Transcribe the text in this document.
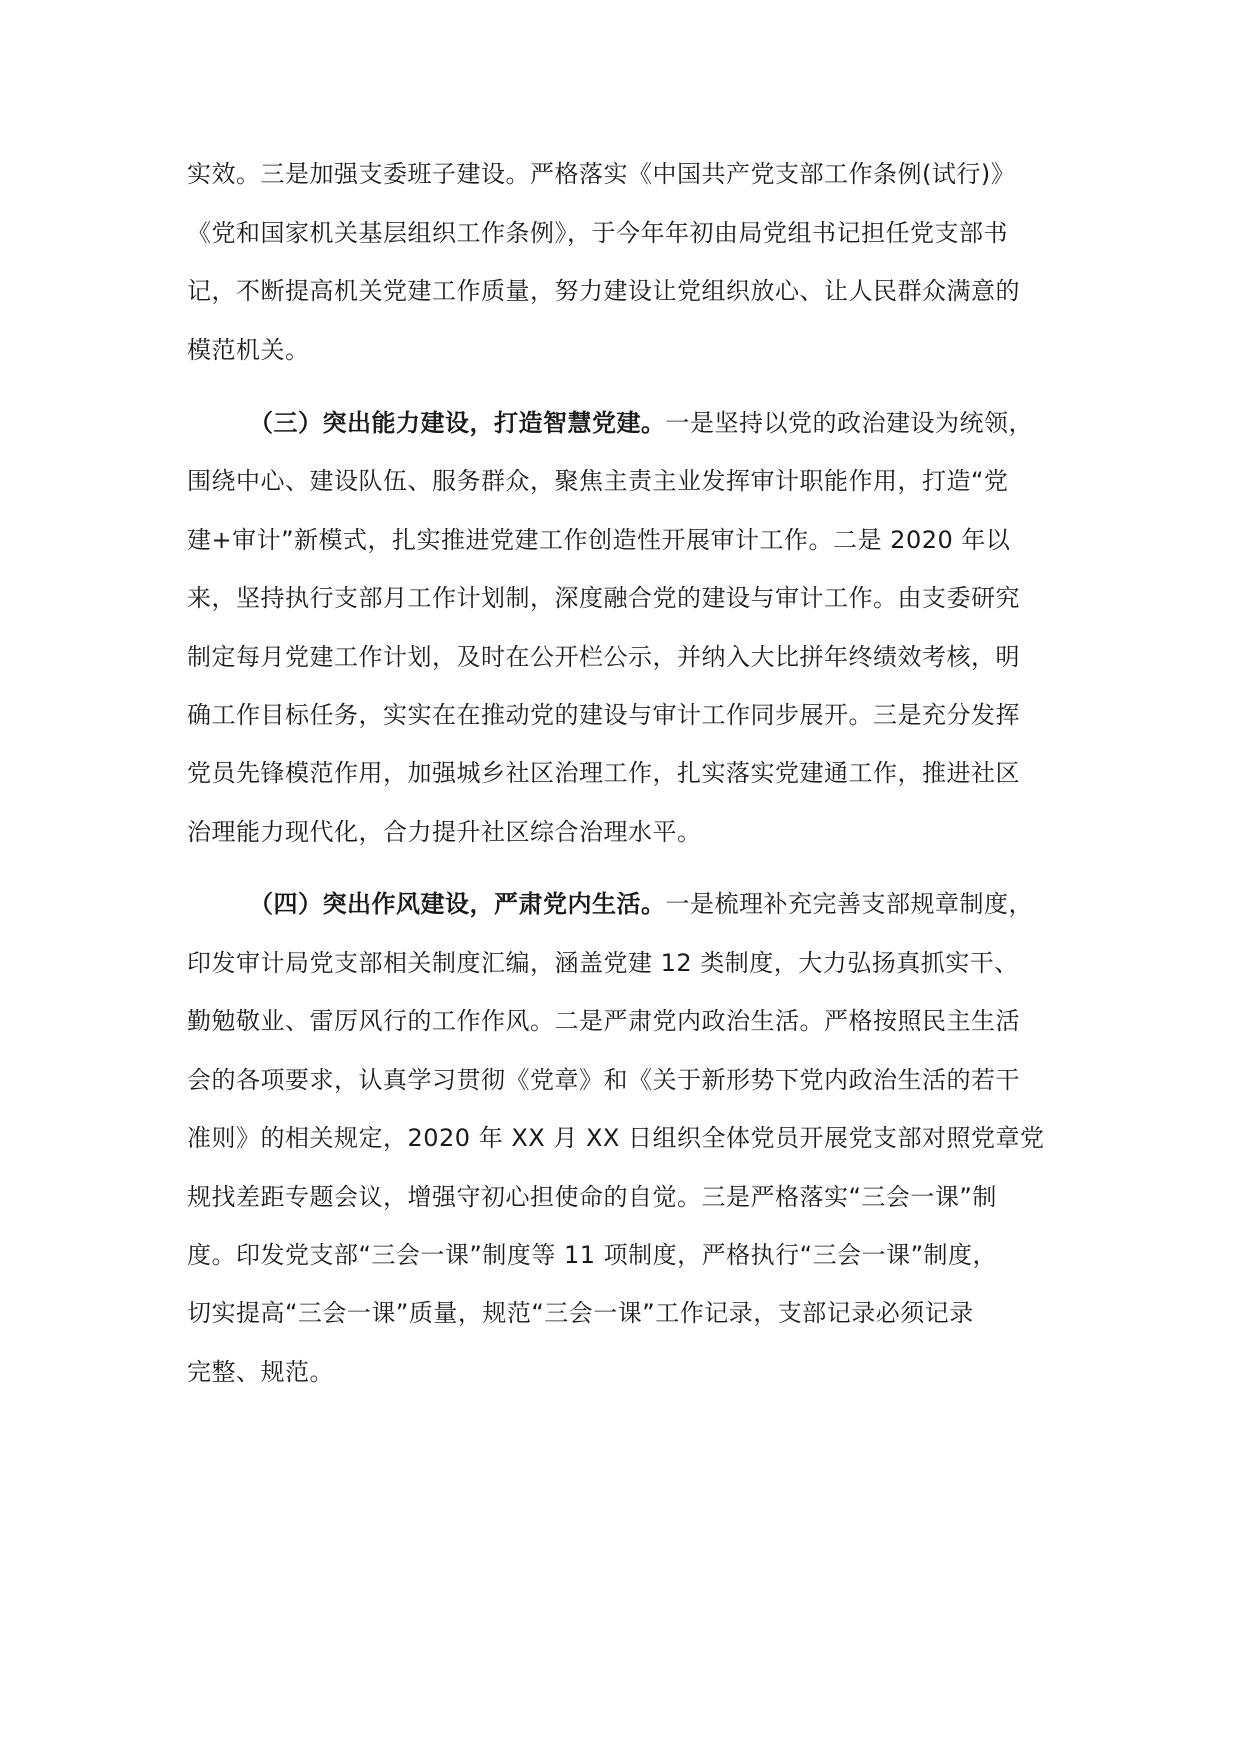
实效。三是加强支委班子建设。严格落实《中国共产党支部工作条例(试行)》
《党和国家机关基层组织工作条例》，于今年年初由局党组书记担任党支部书
记，不断提高机关党建工作质量，努力建设让党组织放心、让人民群众满意的
模范机关。
（三）突出能力建设，打造智慧党建。一是坚持以党的政治建设为统领，
围绕中心、建设队伍、服务群众，聚焦主责主业发挥审计职能作用，打造“党
建+审计”新模式，扎实推进党建工作创造性开展审计工作。二是 2020 年以
来，坚持执行支部月工作计划制，深度融合党的建设与审计工作。由支委研究
制定每月党建工作计划，及时在公开栏公示，并纳入大比拼年终绩效考核，明
确工作目标任务，实实在在推动党的建设与审计工作同步展开。三是充分发挥
党员先锋模范作用，加强城乡社区治理工作，扎实落实党建通工作，推进社区
治理能力现代化，合力提升社区综合治理水平。
（四）突出作风建设，严肃党内生活。一是梳理补充完善支部规章制度，
印发审计局党支部相关制度汇编，涵盖党建 12 类制度，大力弘扬真抓实干、
勤勉敬业、雷厉风行的工作作风。二是严肃党内政治生活。严格按照民主生活
会的各项要求，认真学习贯彻《党章》和《关于新形势下党内政治生活的若干
准则》的相关规定，2020 年 XX 月 XX 日组织全体党员开展党支部对照党章党
规找差距专题会议，增强守初心担使命的自觉。三是严格落实“三会一课”制
度。印发党支部“三会一课”制度等 11 项制度，严格执行“三会一课”制度，
切实提高“三会一课”质量，规范“三会一课”工作记录，支部记录必须记录
完整、规范。
